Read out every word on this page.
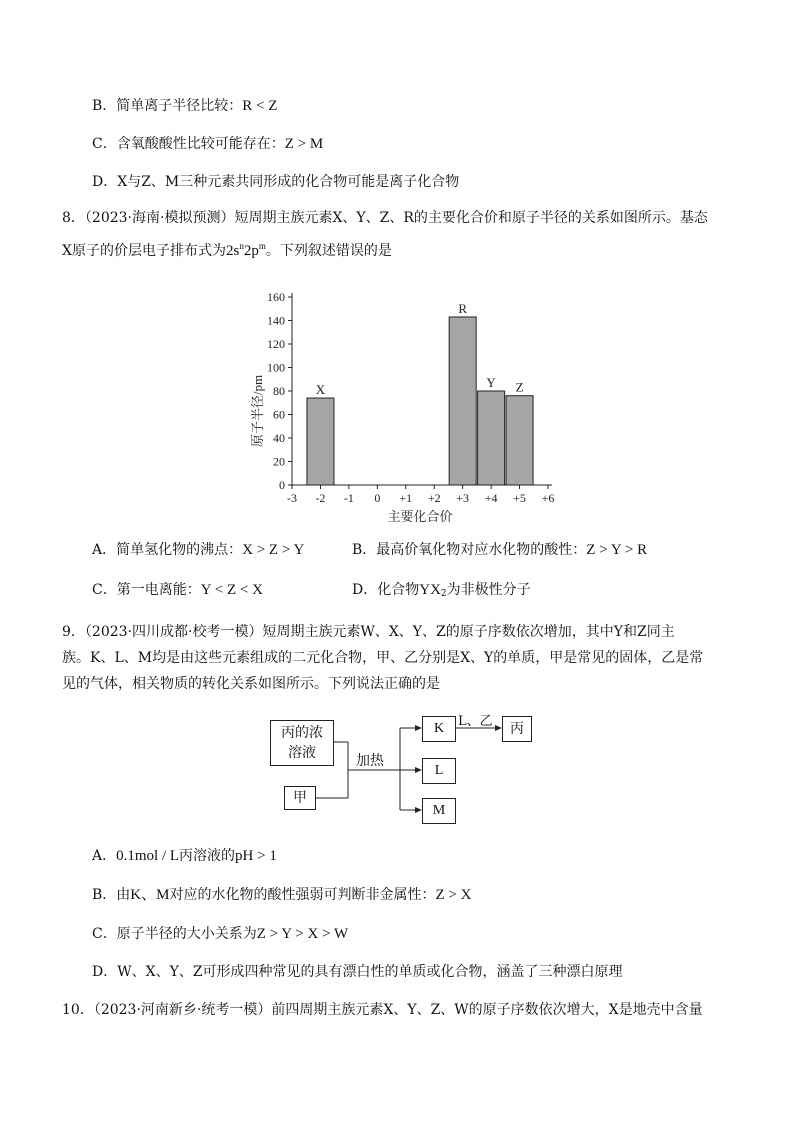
B．简单离子半径比较：R < Z
C．含氧酸酸性比较可能存在：Z > M
D．X与Z、M三种元素共同形成的化合物可能是离子化合物
8．（2023·海南·模拟预测）短周期主族元素X、Y、Z、R的主要化合价和原子半径的关系如图所示。基态
X原子的价层电子排布式为$2s^n2p^m$。下列叙述错误的是
0
20
40
60
80
100
120
140
160
-3 -2 -1 0 +1 +2 +3 +4 +5 +6
X
R
Y Z
主要化合价
原子半径/pm
A．简单氢化物的沸点：X > Z > Y	B．最高价氧化物对应水化物的酸性：Z > Y > R
C．第一电离能：Y < Z < X	D．化合物$YX_2$为非极性分子
9．（2023·四川成都·校考一模）短周期主族元素W、X、Y、Z的原子序数依次增加，其中Y和Z同主
族。K、L、M均是由这些元素组成的二元化合物，甲、乙分别是X、Y的单质，甲是常见的固体，乙是常
见的气体，相关物质的转化关系如图所示。下列说法正确的是
丙的浓
溶液
甲
加热
K
L
M
L、乙	丙
A．0.1mol / L丙溶液的pH > 1
B．由K、M对应的水化物的酸性强弱可判断非金属性：Z > X
C．原子半径的大小关系为Z > Y > X > W
D．W、X、Y、Z可形成四种常见的具有漂白性的单质或化合物，涵盖了三种漂白原理
10．（2023·河南新乡·统考一模）前四周期主族元素X、Y、Z、W的原子序数依次增大，X是地壳中含量
